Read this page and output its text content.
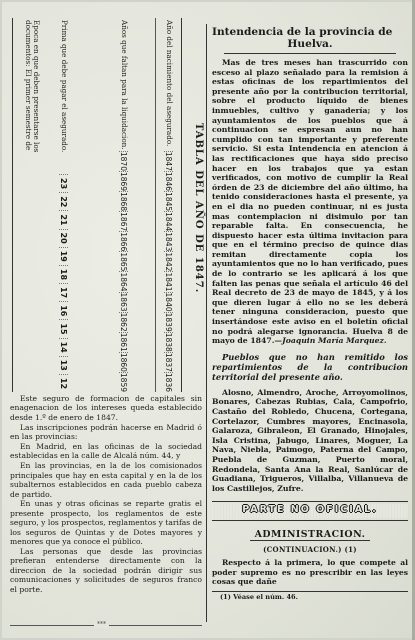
TABLA DEL AÑO DE 1847.
Año del nacimiento del asegurado.
1847
1846
1845
1844
1843
1842
1841
1840
1839
1838
1837
1836
Años que faltan para la liquidacion.
1870
1869
1868
1867
1866
1865
1864
1863
1862
1861
1860
1859
Prima que debe pagar el asegurado.
23
22
21
20
19
18
17
16
15
14
13
12
Epoca en que deben presentarse los documentos: El primer semestre de

Este seguro de formacion de capitales sin enagenacion de los intereses queda establecido desde 1.º de enero de 1847.

Las inscripciones podrán hacerse en Madrid ó en las provincias:

En Madrid, en las oficinas de la sociedad establecidas en la calle de Alcalá núm. 44, y

En las provincias, en la de los comisionados principales que hay en esta capital y en la de los subalternos establecidos en cada pueblo cabeza de partido.

En unas y otras oficinas se reparte gratis el presente prospecto, los reglamentos de este seguro, y los prospectos, reglamentos y tarifas de los seguros de Quintas y de Dotes mayores y menores que ya conoce el público.

Las personas que desde las provincias prefieran entenderse directamente con la direccion de la sociedad podrán dirigir sus comunicaciones y solicitudes de seguros franco el porte.

***
Intendencia de la provincia de
Huelva.

Mas de tres meses han trascurrido con esceso al plazo señalado para la remision á estas oficinas de los repartimientos del presente año por la contribucion territorial, sobre el producto líquido de bienes inmuebles, cultivo y ganadería; y los ayuntamientos de los pueblos que á continuacion se espresan aun no han cumplido con tan importante y preferente servicio. Si esta Intendencia en atencion á las rectificaciones que haya sido preciso hacer en los trabajos que ya estan verificados, con motivo de cumplir la Real órden de 23 de diciembre del año último, ha tenido consideraciones hasta el presente, ya en el dia no pueden continuar, ni es justa mas contemplacion ni disimulo por tan reparable falta. En consecuencia, he dispuesto hacer esta última invitacion para que en el término preciso de quince dias remitan directamente copia los ayuntamientos que no lo han verificado, pues de lo contrario se les aplicará á los que falten las penas que señala el artículo 46 del Real decreto de 23 de mayo de 1845, y á los que dieren lugar á ello no se les deberá tener ninguna consideracion, puesto que insertándose este aviso en el boletín oficial no podrá alegarse ignorancia. Huelva 8 de mayo de 1847.—Joaquin María Marquez.

Pueblos que no han remitido los repartimientos de la contribucion territorial del presente año.

Alosno, Almendro, Aroche, Arroyomolinos, Bonares, Cabezas Rubias, Cala, Campofrio, Castaño del Robledo, Chucena, Cortegana, Cortelazor, Cumbres mayores, Encinasola, Galaroza, Gibraleon, El Granado, Hinojales, Isla Cristina, Jabugo, Linares, Moguer, La Nava, Niebla, Paimogo, Paterna del Campo, Puebla de Guzman, Puerto moral, Redondela, Santa Ana la Real, Sanlúcar de Guadiana, Trigueros, Villalba, Villanueva de los Castillejos, Zufre.

PARTE NO OFICIAL.
ADMINISTRACION.
(CONTINUACION.) (1)

Respecto á la primera, lo que compete al poder supremo es no prescribir en las leyes cosas que dañe

(1) Véase el núm. 46.
